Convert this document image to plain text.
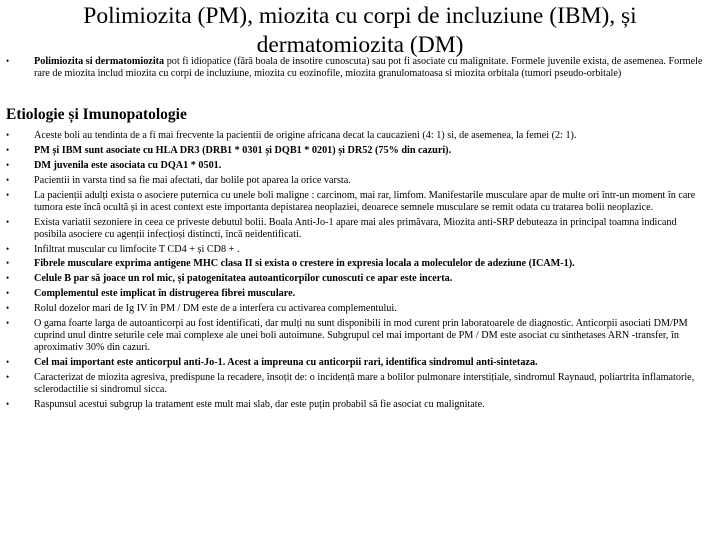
Polimiozita (PM), miozita cu corpi de incluziune (IBM), și dermatomiozita (DM)
• Polimiozita si dermatomiozita pot fi idiopatice (fără boala de insotire cunoscuta) sau pot fi asociate cu malignitate. Formele juvenile exista, de asemenea. Formele rare de miozita includ miozita cu corpi de incluziune, miozita cu eozinofile, miozita granulomatoasa si miozita orbitala (tumori pseudo-orbitale)
Etiologie și Imunopatologie
• Aceste boli au tendinta de a fi mai frecvente la pacientii de origine africana decat la caucazieni (4: 1) si, de asemenea, la femei (2: 1).
• PM și IBM sunt asociate cu HLA DR3 (DRB1 * 0301 și DQB1 * 0201) și DR52 (75% din cazuri).
• DM juvenila este asociata cu DQA1 * 0501.
• Pacientii in varsta tind sa fie mai afectati, dar bolile pot aparea la orice varsta.
• La pacienții adulți exista o asociere puternica cu unele boli maligne : carcinom, mai rar, limfom. Manifestarile musculare apar de multe ori într-un moment în care tumora este încă ocultă și in acest context este importanta depistarea neoplaziei, deoarece semnele musculare se remit odata cu tratarea bolii neoplazice.
• Exista variatii sezoniere in ceea ce priveste debutul bolii. Boala Anti-Jo-1 apare mai ales primăvara, Miozita anti-SRP debuteaza in principal toamna indicand posibila asociere cu agenții infecțioși distincti, încă neidentificati.
• Infiltrat muscular cu limfocite T CD4 + și CD8 + .
• Fibrele musculare exprima antigene MHC clasa II si exista o crestere in expresia locala a moleculelor de adeziune (ICAM-1).
• Celule B par să joace un rol mic, și patogenitatea autoanticorpilor cunoscuti ce apar este incerta.
• Complementul este implicat în distrugerea fibrei musculare.
• Rolul dozelor mari de Ig IV în PM / DM este de a interfera cu activarea complementului.
• O gama foarte larga de autoanticorpi au fost identificati, dar mulți nu sunt disponibili in mod curent prin laboratoarele de diagnostic. Anticorpii asociati DM/PM cuprind unul dintre seturile cele mai complexe ale unei boli autoimune. Subgrupul cel mai important de PM / DM este asociat cu sinthetases ARN -transfer, în aproximativ 30% din cazuri.
• Cel mai important este anticorpul anti-Jo-1. Acest a impreuna cu anticorpii rari, identifica sindromul anti-sintetaza.
• Caracterizat de miozita agresiva, predispune la recadere, însoțit de: o incidență mare a bolilor pulmonare interstițiale, sindromul Raynaud, poliartrita inflamatorie, sclerodactilie si sindromul sicca.
• Raspunsul acestui subgrup la tratament este mult mai slab, dar este puțin probabil să fie asociat cu malignitate.
